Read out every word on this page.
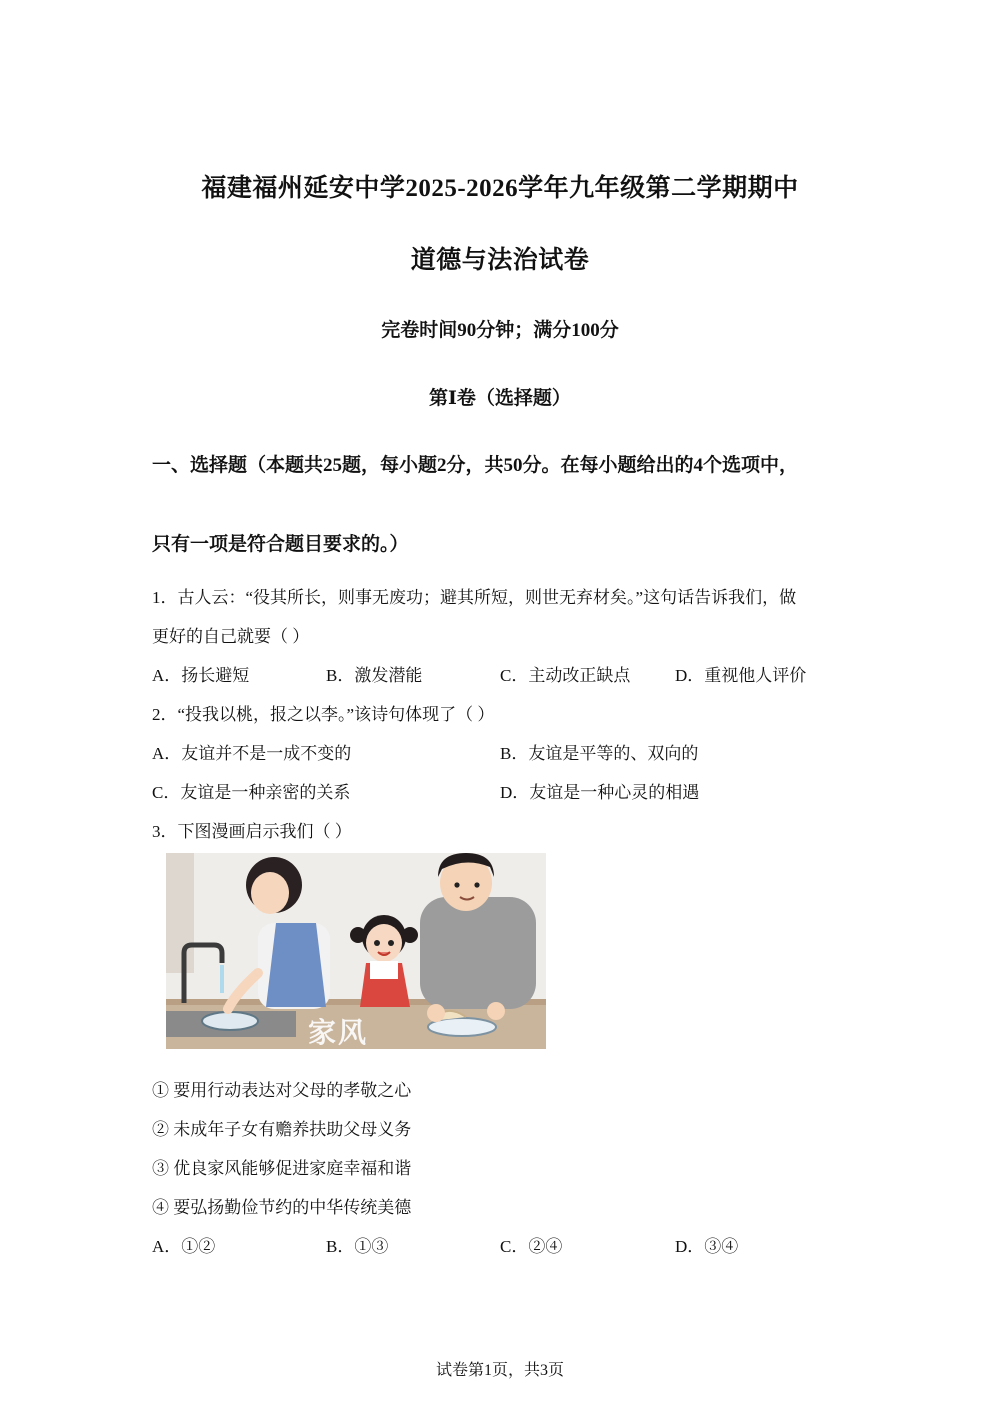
福建福州延安中学2025-2026学年九年级第二学期期中
道德与法治试卷
完卷时间90分钟；满分100分
第Ⅰ卷（选择题）
一、选择题（本题共25题，每小题2分，共50分。在每小题给出的4个选项中，
只有一项是符合题目要求的。）
1．古人云：“役其所长，则事无废功；避其所短，则世无弃材矣。”这句话告诉我们，做
更好的自己就要（ ）
A．扬长避短	B．激发潜能	C．主动改正缺点	D．重视他人评价
2．“投我以桃，报之以李。”该诗句体现了（ ）
A．友谊并不是一成不变的	B．友谊是平等的、双向的
C．友谊是一种亲密的关系	D．友谊是一种心灵的相遇
3．下图漫画启示我们（ ）
家风
① 要用行动表达对父母的孝敬之心
② 未成年子女有赡养扶助父母义务
③ 优良家风能够促进家庭幸福和谐
④ 要弘扬勤俭节约的中华传统美德
A．①②	B．①③	C．②④	D．③④
试卷第1页，共3页
